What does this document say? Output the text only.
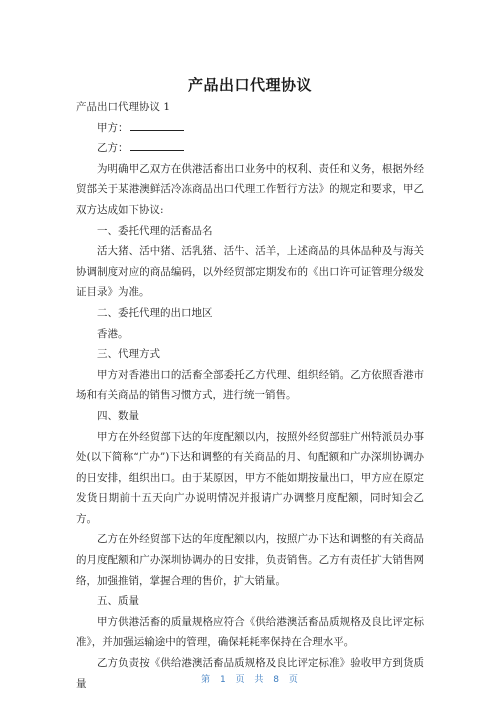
产品出口代理协议

产品出口代理协议 1

甲方：

乙方：

为明确甲乙双方在供港活畜出口业务中的权利、责任和义务，根据外经贸部关于某港澳鲜活冷冻商品出口代理工作暂行方法》的规定和要求，甲乙双方达成如下协议:

一、委托代理的活畜品名

活大猪、活中猪、活乳猪、活牛、活羊，上述商品的具体品种及与海关协调制度对应的商品编码，以外经贸部定期发布的《出口许可证管理分级发证目录》为准。

二、委托代理的出口地区

香港。

三、代理方式

甲方对香港出口的活畜全部委托乙方代理、组织经销。乙方依照香港市场和有关商品的销售习惯方式，进行统一销售。

四、数量

甲方在外经贸部下达的年度配额以内，按照外经贸部驻广州特派员办事处(以下简称“广办”)下达和调整的有关商品的月、旬配额和广办深圳协调办的日安排，组织出口。由于某原因，甲方不能如期按量出口，甲方应在原定发货日期前十五天向广办说明情况并报请广办调整月度配额，同时知会乙方。

乙方在外经贸部下达的年度配额以内，按照广办下达和调整的有关商品的月度配额和广办深圳协调办的日安排，负责销售。乙方有责任扩大销售网络，加强推销，掌握合理的售价，扩大销量。

五、质量

甲方供港活畜的质量规格应符合《供给港澳活畜品质规格及良比评定标准》，并加强运输途中的管理，确保耗耗率保持在合理水平。

乙方负责按《供给港澳活畜品质规格及良比评定标准》验收甲方到货质量	第 1 页 共 8 页
